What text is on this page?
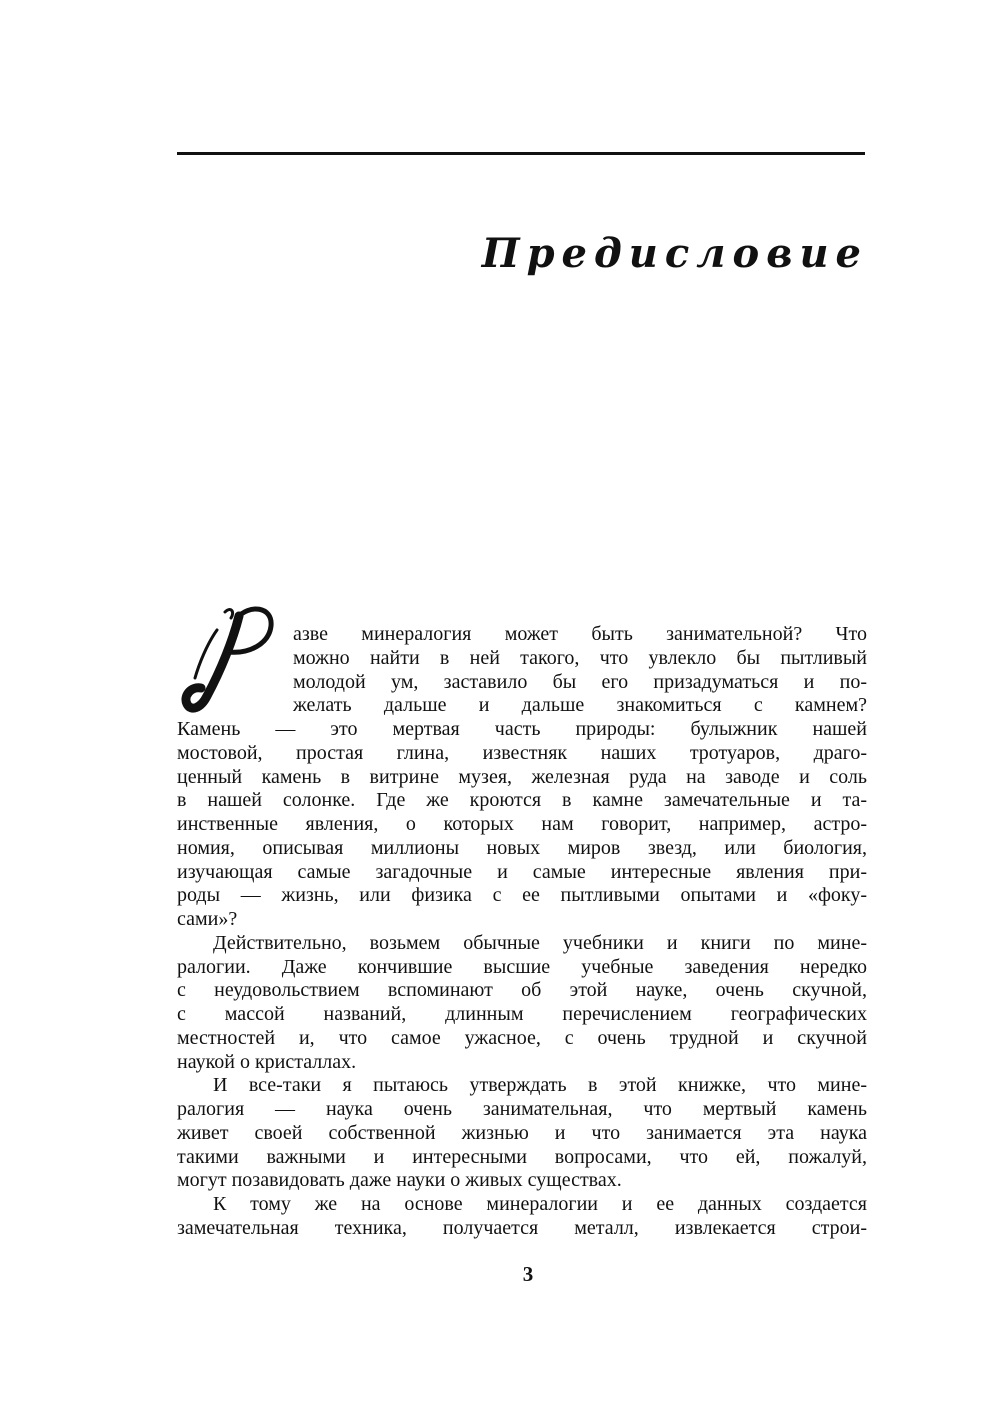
Предисловие

азве минералогия может быть занимательной? Что
можно найти в ней такого, что увлекло бы пытливый
молодой ум, заставило бы его призадуматься и по-
желать дальше и дальше знакомиться с камнем?
Камень — это мертвая часть природы: булыжник нашей
мостовой, простая глина, известняк наших тротуаров, драго-
ценный камень в витрине музея, железная руда на заводе и соль
в нашей солонке. Где же кроются в камне замечательные и та-
инственные явления, о которых нам говорит, например, астро-
номия, описывая миллионы новых миров звезд, или биология,
изучающая самые загадочные и самые интересные явления при-
роды — жизнь, или физика с ее пытливыми опытами и «фоку-
сами»?

Действительно, возьмем обычные учебники и книги по мине-
ралогии. Даже кончившие высшие учебные заведения нередко
с неудовольствием вспоминают об этой науке, очень скучной,
с массой названий, длинным перечислением географических
местностей и, что самое ужасное, с очень трудной и скучной
наукой о кристаллах.

И все-таки я пытаюсь утверждать в этой книжке, что мине-
ралогия — наука очень занимательная, что мертвый камень
живет своей собственной жизнью и что занимается эта наука
такими важными и интересными вопросами, что ей, пожалуй,
могут позавидовать даже науки о живых существах.

К тому же на основе минералогии и ее данных создается
замечательная техника, получается металл, извлекается строи-

3
